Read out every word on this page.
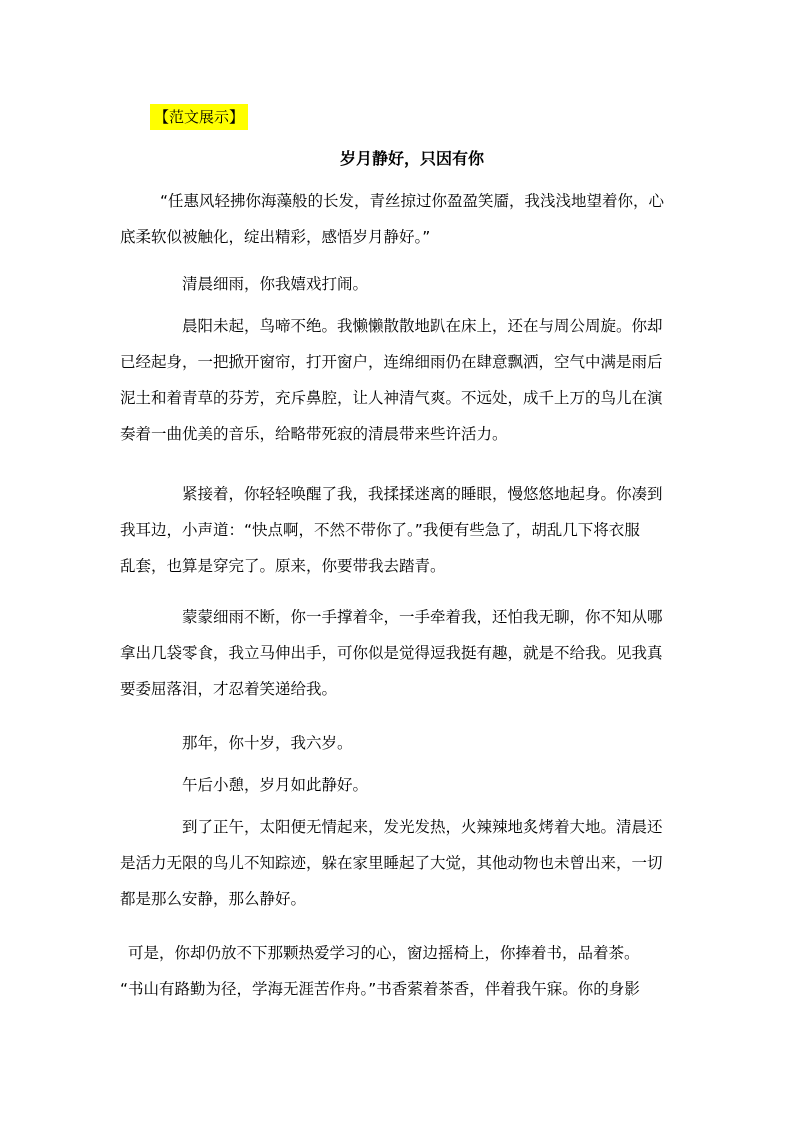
【范文展示】
岁月静好，只因有你
“任惠风轻拂你海藻般的长发，青丝掠过你盈盈笑靥，我浅浅地望着你，心
底柔软似被触化，绽出精彩，感悟岁月静好。”
清晨细雨，你我嬉戏打闹。
晨阳未起，鸟啼不绝。我懒懒散散地趴在床上，还在与周公周旋。你却
已经起身，一把掀开窗帘，打开窗户，连绵细雨仍在肆意飘洒，空气中满是雨后
泥土和着青草的芬芳，充斥鼻腔，让人神清气爽。不远处，成千上万的鸟儿在演
奏着一曲优美的音乐，给略带死寂的清晨带来些许活力。
紧接着，你轻轻唤醒了我，我揉揉迷离的睡眼，慢悠悠地起身。你凑到
我耳边，小声道：“快点啊，不然不带你了。”我便有些急了，胡乱几下将衣服
乱套，也算是穿完了。原来，你要带我去踏青。
蒙蒙细雨不断，你一手撑着伞，一手牵着我，还怕我无聊，你不知从哪
拿出几袋零食，我立马伸出手，可你似是觉得逗我挺有趣，就是不给我。见我真
要委屈落泪，才忍着笑递给我。
那年，你十岁，我六岁。
午后小憩，岁月如此静好。
到了正午，太阳便无情起来，发光发热，火辣辣地炙烤着大地。清晨还
是活力无限的鸟儿不知踪迹，躲在家里睡起了大觉，其他动物也未曾出来，一切
都是那么安静，那么静好。
可是，你却仍放不下那颗热爱学习的心，窗边摇椅上，你捧着书，品着茶。
“书山有路勤为径，学海无涯苦作舟。”书香萦着茶香，伴着我午寐。你的身影
